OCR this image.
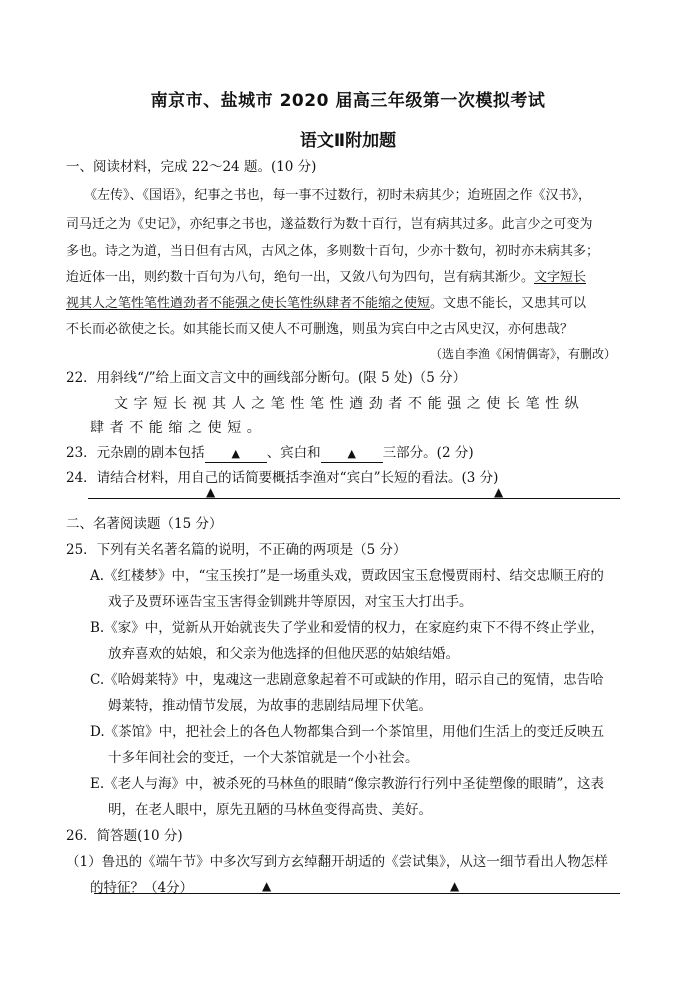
南京市、盐城市 2020 届高三年级第一次模拟考试
语文Ⅱ附加题
一、阅读材料，完成 22～24 题。(10 分)
《左传》、《国语》，纪事之书也，每一事不过数行，初时未病其少；迨班固之作《汉书》，
司马迁之为《史记》，亦纪事之书也，遂益数行为数十百行，岂有病其过多。此言少之可变为
多也。诗之为道，当日但有古风，古风之体，多则数十百句，少亦十数句，初时亦未病其多；
迨近体一出，则约数十百句为八句，绝句一出，又敛八句为四句，岂有病其渐少。文字短长
视其人之笔性笔性遒劲者不能强之使长笔性纵肆者不能缩之使短。文患不能长，又患其可以
不长而必欲使之长。如其能长而又使人不可删逸，则虽为宾白中之古风史汉，亦何患哉？
（选自李渔《闲情偶寄》，有删改）
22．用斜线“/”给上面文言文中的画线部分断句。(限 5 处)（5 分）
文字短长视其人之笔性笔性遒劲者不能强之使长笔性纵
肆者不能缩之使短。
23．元杂剧的剧本包括 ▲ 、宾白和 ▲ 三部分。(2 分)
24．请结合材料，用自己的话简要概括李渔对“宾白”长短的看法。(3 分)
▲	▲
二、名著阅读题（15 分）
25．下列有关名著名篇的说明，不正确的两项是（5 分）
A.《红楼梦》中，“宝玉挨打”是一场重头戏，贾政因宝玉怠慢贾雨村、结交忠顺王府的
戏子及贾环诬告宝玉害得金钏跳井等原因，对宝玉大打出手。
B.《家》中，觉新从开始就丧失了学业和爱情的权力，在家庭约束下不得不终止学业，
放弃喜欢的姑娘，和父亲为他选择的但他厌恶的姑娘结婚。
C.《哈姆莱特》中，鬼魂这一悲剧意象起着不可或缺的作用，昭示自己的冤情，忠告哈
姆莱特，推动情节发展，为故事的悲剧结局埋下伏笔。
D.《茶馆》中，把社会上的各色人物都集合到一个茶馆里，用他们生活上的变迁反映五
十多年间社会的变迁，一个大茶馆就是一个小社会。
E.《老人与海》中，被杀死的马林鱼的眼睛“像宗教游行行列中圣徒塑像的眼睛”，这表
明，在老人眼中，原先丑陋的马林鱼变得高贵、美好。
26．简答题(10 分)
（1）鲁迅的《端午节》中多次写到方玄绰翻开胡适的《尝试集》，从这一细节看出人物怎样
的特征？（4分）	▲	▲
